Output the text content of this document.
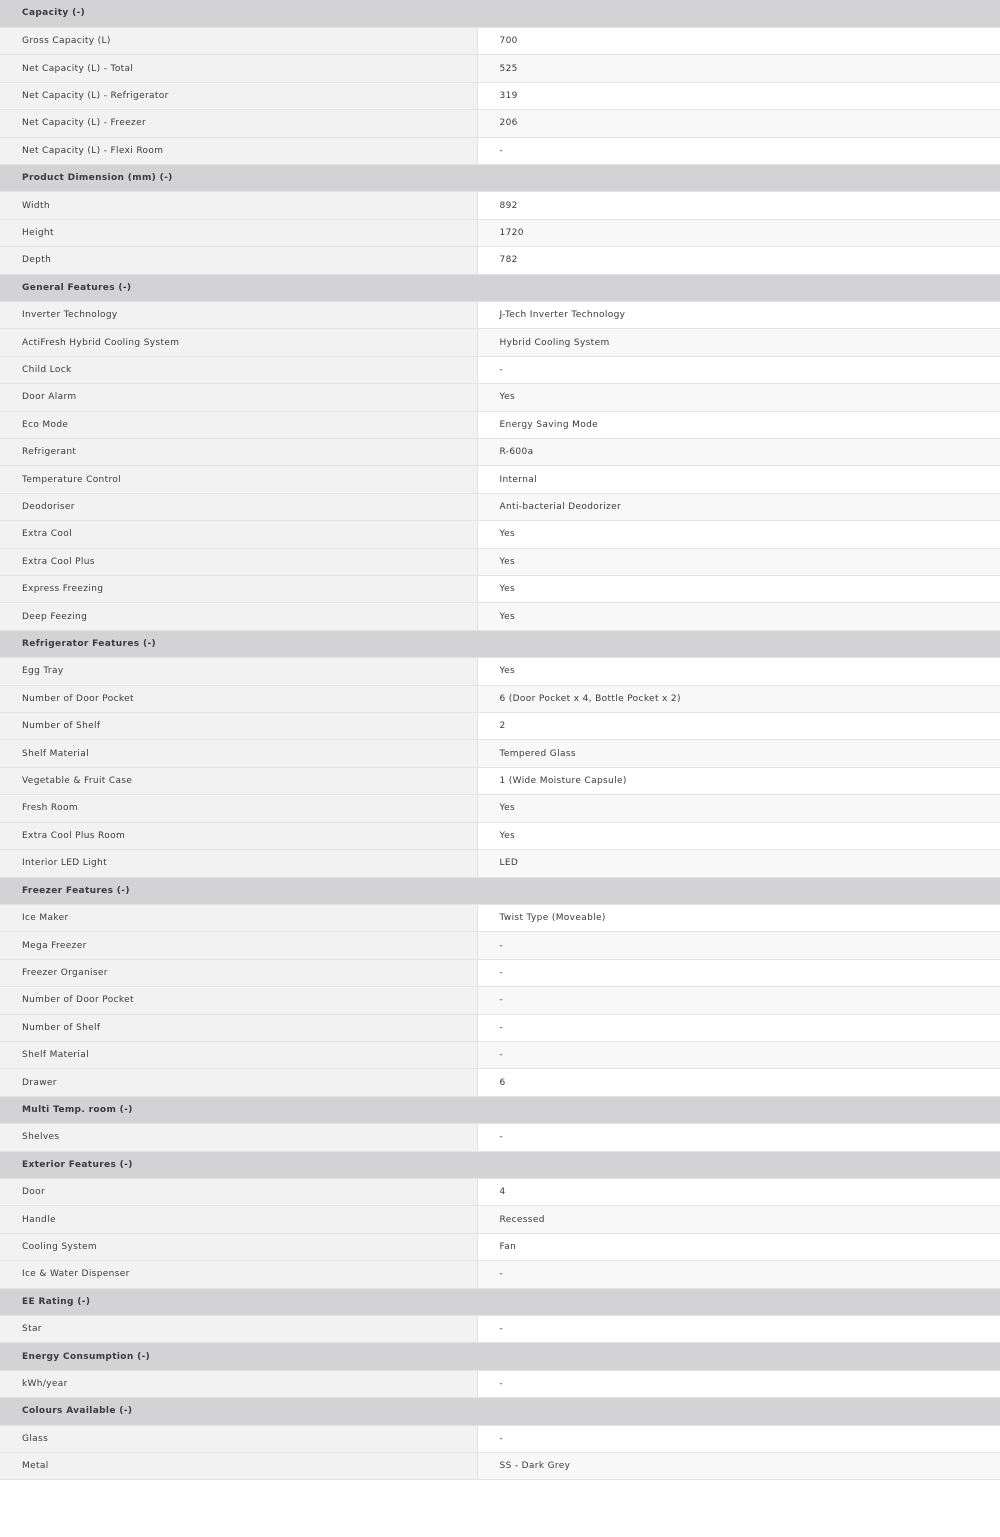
Capacity (-)	
Gross Capacity (L)	700
Net Capacity (L) - Total	525
Net Capacity (L) - Refrigerator	319
Net Capacity (L) - Freezer	206
Net Capacity (L) - Flexi Room	-
Product Dimension (mm) (-)	
Width	892
Height	1720
Depth	782
General Features (-)	
Inverter Technology	J-Tech Inverter Technology
ActiFresh Hybrid Cooling System	Hybrid Cooling System
Child Lock	-
Door Alarm	Yes
Eco Mode	Energy Saving Mode
Refrigerant	R-600a
Temperature Control	Internal
Deodoriser	Anti-bacterial Deodorizer
Extra Cool	Yes
Extra Cool Plus	Yes
Express Freezing	Yes
Deep Feezing	Yes
Refrigerator Features (-)	
Egg Tray	Yes
Number of Door Pocket	6 (Door Pocket x 4, Bottle Pocket x 2)
Number of Shelf	2
Shelf Material	Tempered Glass
Vegetable & Fruit Case	1 (Wide Moisture Capsule)
Fresh Room	Yes
Extra Cool Plus Room	Yes
Interior LED Light	LED
Freezer Features (-)	
Ice Maker	Twist Type (Moveable)
Mega Freezer	-
Freezer Organiser	-
Number of Door Pocket	-
Number of Shelf	-
Shelf Material	-
Drawer	6
Multi Temp. room (-)	
Shelves	-
Exterior Features (-)	
Door	4
Handle	Recessed
Cooling System	Fan
Ice & Water Dispenser	-
EE Rating (-)	
Star	-
Energy Consumption (-)	
kWh/year	-
Colours Available (-)	
Glass	-
Metal	SS - Dark Grey
